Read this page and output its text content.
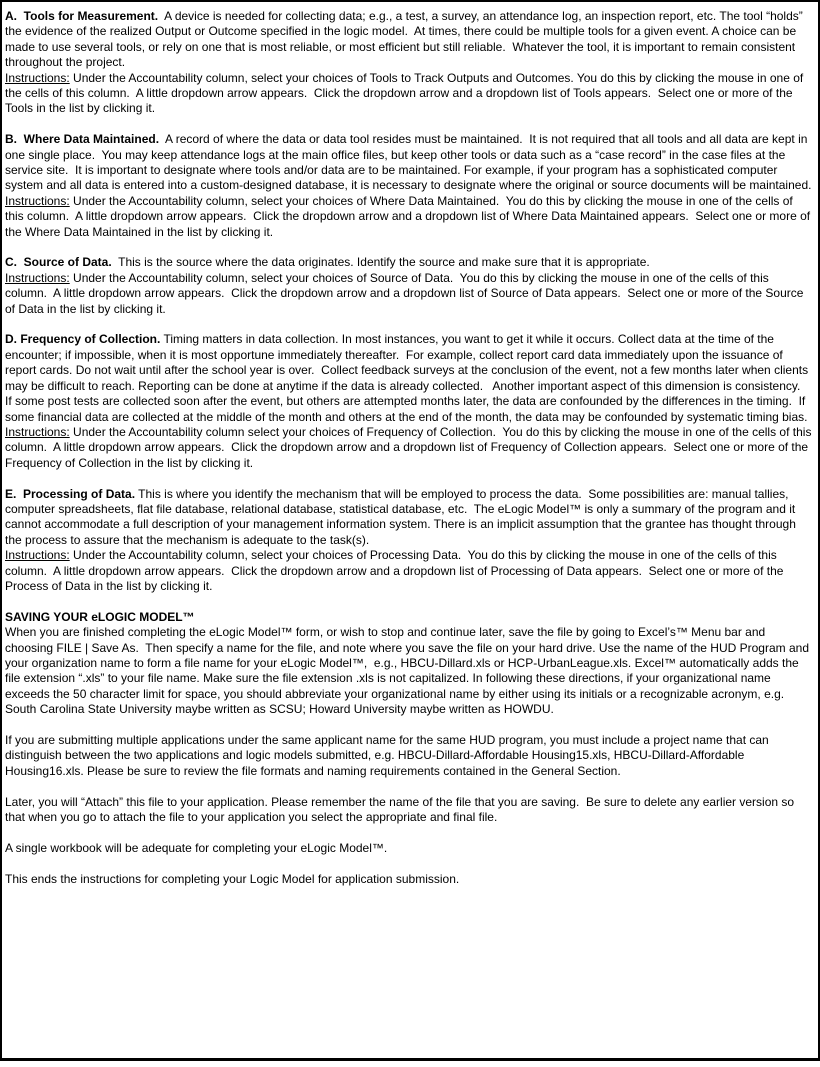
A.  Tools for Measurement.  A device is needed for collecting data; e.g., a test, a survey, an attendance log, an inspection report, etc. The tool “holds” the evidence of the realized Output or Outcome specified in the logic model.  At times, there could be multiple tools for a given event. A choice can be made to use several tools, or rely on one that is most reliable, or most efficient but still reliable.  Whatever the tool, it is important to remain consistent throughout the project.
Instructions: Under the Accountability column, select your choices of Tools to Track Outputs and Outcomes. You do this by clicking the mouse in one of the cells of this column.  A little dropdown arrow appears.  Click the dropdown arrow and a dropdown list of Tools appears.  Select one or more of the Tools in the list by clicking it.

B.  Where Data Maintained.  A record of where the data or data tool resides must be maintained.  It is not required that all tools and all data are kept in one single place.  You may keep attendance logs at the main office files, but keep other tools or data such as a “case record” in the case files at the service site.  It is important to designate where tools and/or data are to be maintained. For example, if your program has a sophisticated computer system and all data is entered into a custom-designed database, it is necessary to designate where the original or source documents will be maintained.
Instructions: Under the Accountability column, select your choices of Where Data Maintained.  You do this by clicking the mouse in one of the cells of this column.  A little dropdown arrow appears.  Click the dropdown arrow and a dropdown list of Where Data Maintained appears.  Select one or more of the Where Data Maintained in the list by clicking it.

C.  Source of Data.  This is the source where the data originates. Identify the source and make sure that it is appropriate.
Instructions: Under the Accountability column, select your choices of Source of Data.  You do this by clicking the mouse in one of the cells of this column.  A little dropdown arrow appears.  Click the dropdown arrow and a dropdown list of Source of Data appears.  Select one or more of the Source of Data in the list by clicking it.

D. Frequency of Collection. Timing matters in data collection. In most instances, you want to get it while it occurs. Collect data at the time of the encounter; if impossible, when it is most opportune immediately thereafter.  For example, collect report card data immediately upon the issuance of report cards. Do not wait until after the school year is over.  Collect feedback surveys at the conclusion of the event, not a few months later when clients may be difficult to reach. Reporting can be done at anytime if the data is already collected.   Another important aspect of this dimension is consistency.  If some post tests are collected soon after the event, but others are attempted months later, the data are confounded by the differences in the timing.  If some financial data are collected at the middle of the month and others at the end of the month, the data may be confounded by systematic timing bias.
Instructions: Under the Accountability column select your choices of Frequency of Collection.  You do this by clicking the mouse in one of the cells of this column.  A little dropdown arrow appears.  Click the dropdown arrow and a dropdown list of Frequency of Collection appears.  Select one or more of the Frequency of Collection in the list by clicking it.

E.  Processing of Data. This is where you identify the mechanism that will be employed to process the data.  Some possibilities are: manual tallies, computer spreadsheets, flat file database, relational database, statistical database, etc.  The eLogic Model™ is only a summary of the program and it cannot accommodate a full description of your management information system. There is an implicit assumption that the grantee has thought through the process to assure that the mechanism is adequate to the task(s).
Instructions: Under the Accountability column, select your choices of Processing Data.  You do this by clicking the mouse in one of the cells of this column.  A little dropdown arrow appears.  Click the dropdown arrow and a dropdown list of Processing of Data appears.  Select one or more of the Process of Data in the list by clicking it.

SAVING YOUR eLOGIC MODEL™
When you are finished completing the eLogic Model™ form, or wish to stop and continue later, save the file by going to Excel’s™ Menu bar and choosing FILE | Save As.  Then specify a name for the file, and note where you save the file on your hard drive. Use the name of the HUD Program and your organization name to form a file name for your eLogic Model™,  e.g., HBCU-Dillard.xls or HCP-UrbanLeague.xls. Excel™ automatically adds the file extension “.xls” to your file name. Make sure the file extension .xls is not capitalized. In following these directions, if your organizational name exceeds the 50 character limit for space, you should abbreviate your organizational name by either using its initials or a recognizable acronym, e.g. South Carolina State University maybe written as SCSU; Howard University maybe written as HOWDU.

If you are submitting multiple applications under the same applicant name for the same HUD program, you must include a project name that can distinguish between the two applications and logic models submitted, e.g. HBCU-Dillard-Affordable Housing15.xls, HBCU-Dillard-Affordable Housing16.xls. Please be sure to review the file formats and naming requirements contained in the General Section.

Later, you will “Attach” this file to your application. Please remember the name of the file that you are saving.  Be sure to delete any earlier version so that when you go to attach the file to your application you select the appropriate and final file.

A single workbook will be adequate for completing your eLogic Model™.

This ends the instructions for completing your Logic Model for application submission.
